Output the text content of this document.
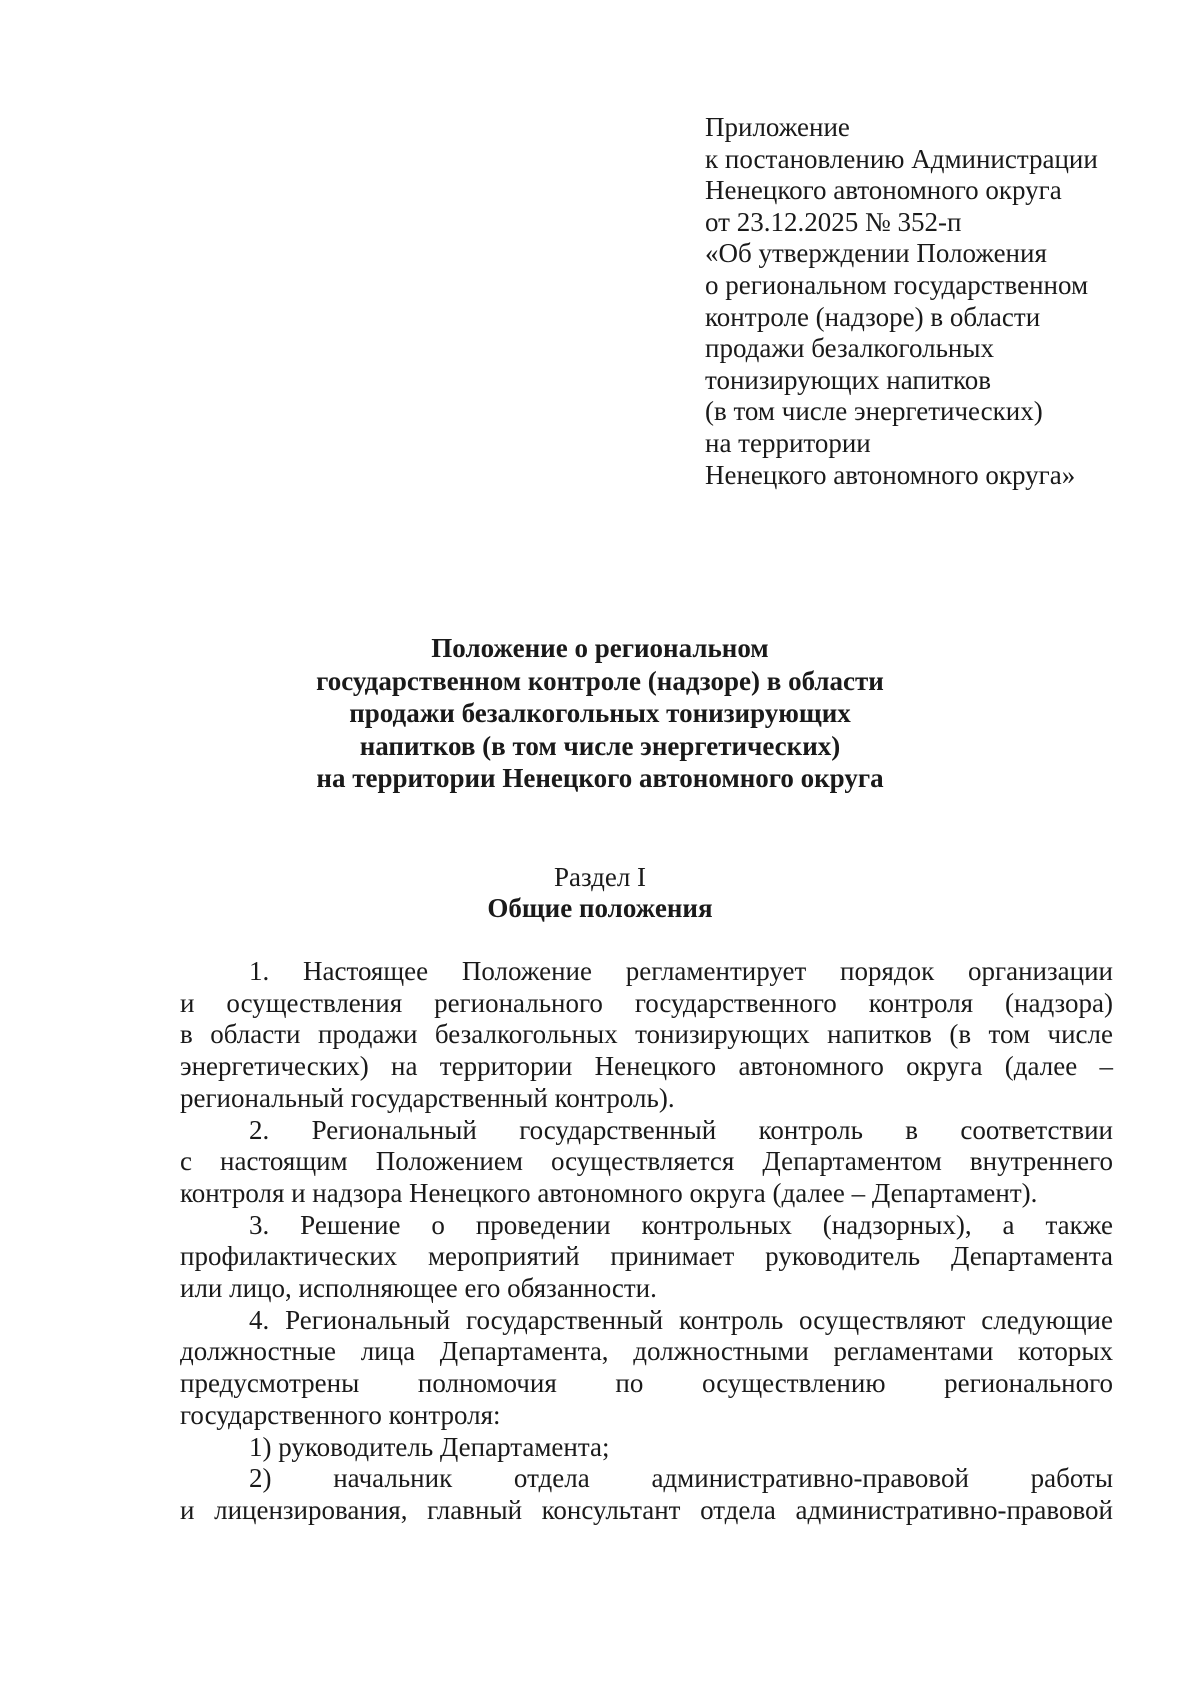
Приложение
к постановлению Администрации
Ненецкого автономного округа
от 23.12.2025 № 352-п
«Об утверждении Положения
о региональном государственном
контроле (надзоре) в области
продажи безалкогольных
тонизирующих напитков
(в том числе энергетических)
на территории
Ненецкого автономного округа»
Положение о региональном
государственном контроле (надзоре) в области
продажи безалкогольных тонизирующих
напитков (в том числе энергетических)
на территории Ненецкого автономного округа
Раздел I
Общие положения
1. Настоящее Положение регламентирует порядок организации
и осуществления регионального государственного контроля (надзора)
в области продажи безалкогольных тонизирующих напитков (в том числе
энергетических) на территории Ненецкого автономного округа (далее –
региональный государственный контроль).
2. Региональный государственный контроль в соответствии
с настоящим Положением осуществляется Департаментом внутреннего
контроля и надзора Ненецкого автономного округа (далее – Департамент).
3. Решение о проведении контрольных (надзорных), а также
профилактических мероприятий принимает руководитель Департамента
или лицо, исполняющее его обязанности.
4. Региональный государственный контроль осуществляют следующие
должностные лица Департамента, должностными регламентами которых
предусмотрены полномочия по осуществлению регионального
государственного контроля:
1) руководитель Департамента;
2) начальник отдела административно-правовой работы
и лицензирования, главный консультант отдела административно-правовой
